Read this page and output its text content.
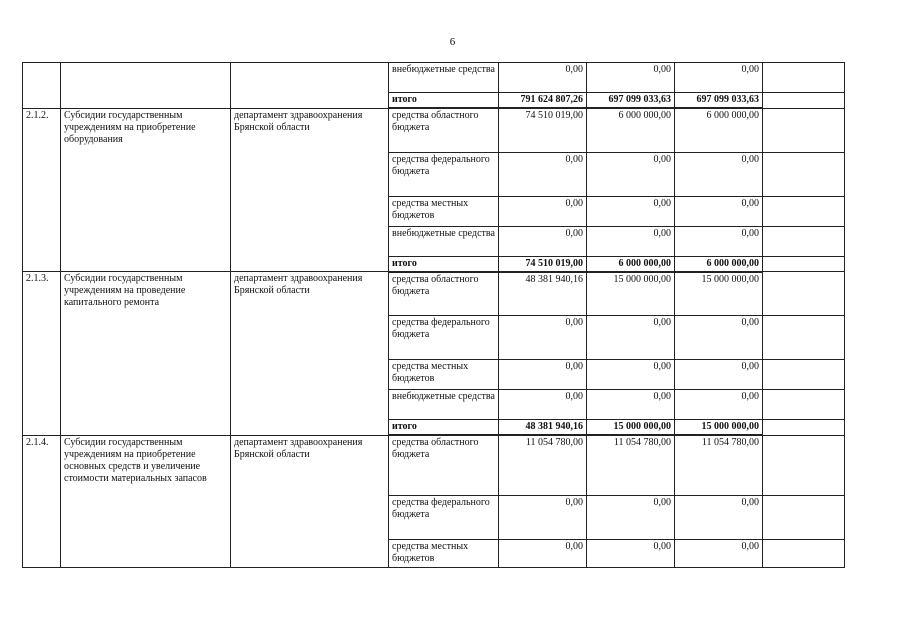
6
			внебюджетные средства	0,00	0,00	0,00	
			итого	791 624 807,26	697 099 033,63	697 099 033,63	
2.1.2.	Субсидии государственным учреждениям на приобретение оборудования	департамент здравоохранения Брянской области	средства областного бюджета	74 510 019,00	6 000 000,00	6 000 000,00	
			средства федерального бюджета	0,00	0,00	0,00	
			средства местных бюджетов	0,00	0,00	0,00	
			внебюджетные средства	0,00	0,00	0,00	
			итого	74 510 019,00	6 000 000,00	6 000 000,00	
2.1.3.	Субсидии государственным учреждениям на проведение капитального ремонта	департамент здравоохранения Брянской области	средства областного бюджета	48 381 940,16	15 000 000,00	15 000 000,00	
			средства федерального бюджета	0,00	0,00	0,00	
			средства местных бюджетов	0,00	0,00	0,00	
			внебюджетные средства	0,00	0,00	0,00	
			итого	48 381 940,16	15 000 000,00	15 000 000,00	
2.1.4.	Субсидии государственным учреждениям на приобретение основных средств и увеличение стоимости материальных запасов	департамент здравоохранения Брянской области	средства областного бюджета	11 054 780,00	11 054 780,00	11 054 780,00	
			средства федерального бюджета	0,00	0,00	0,00	
			средства местных бюджетов	0,00	0,00	0,00	
